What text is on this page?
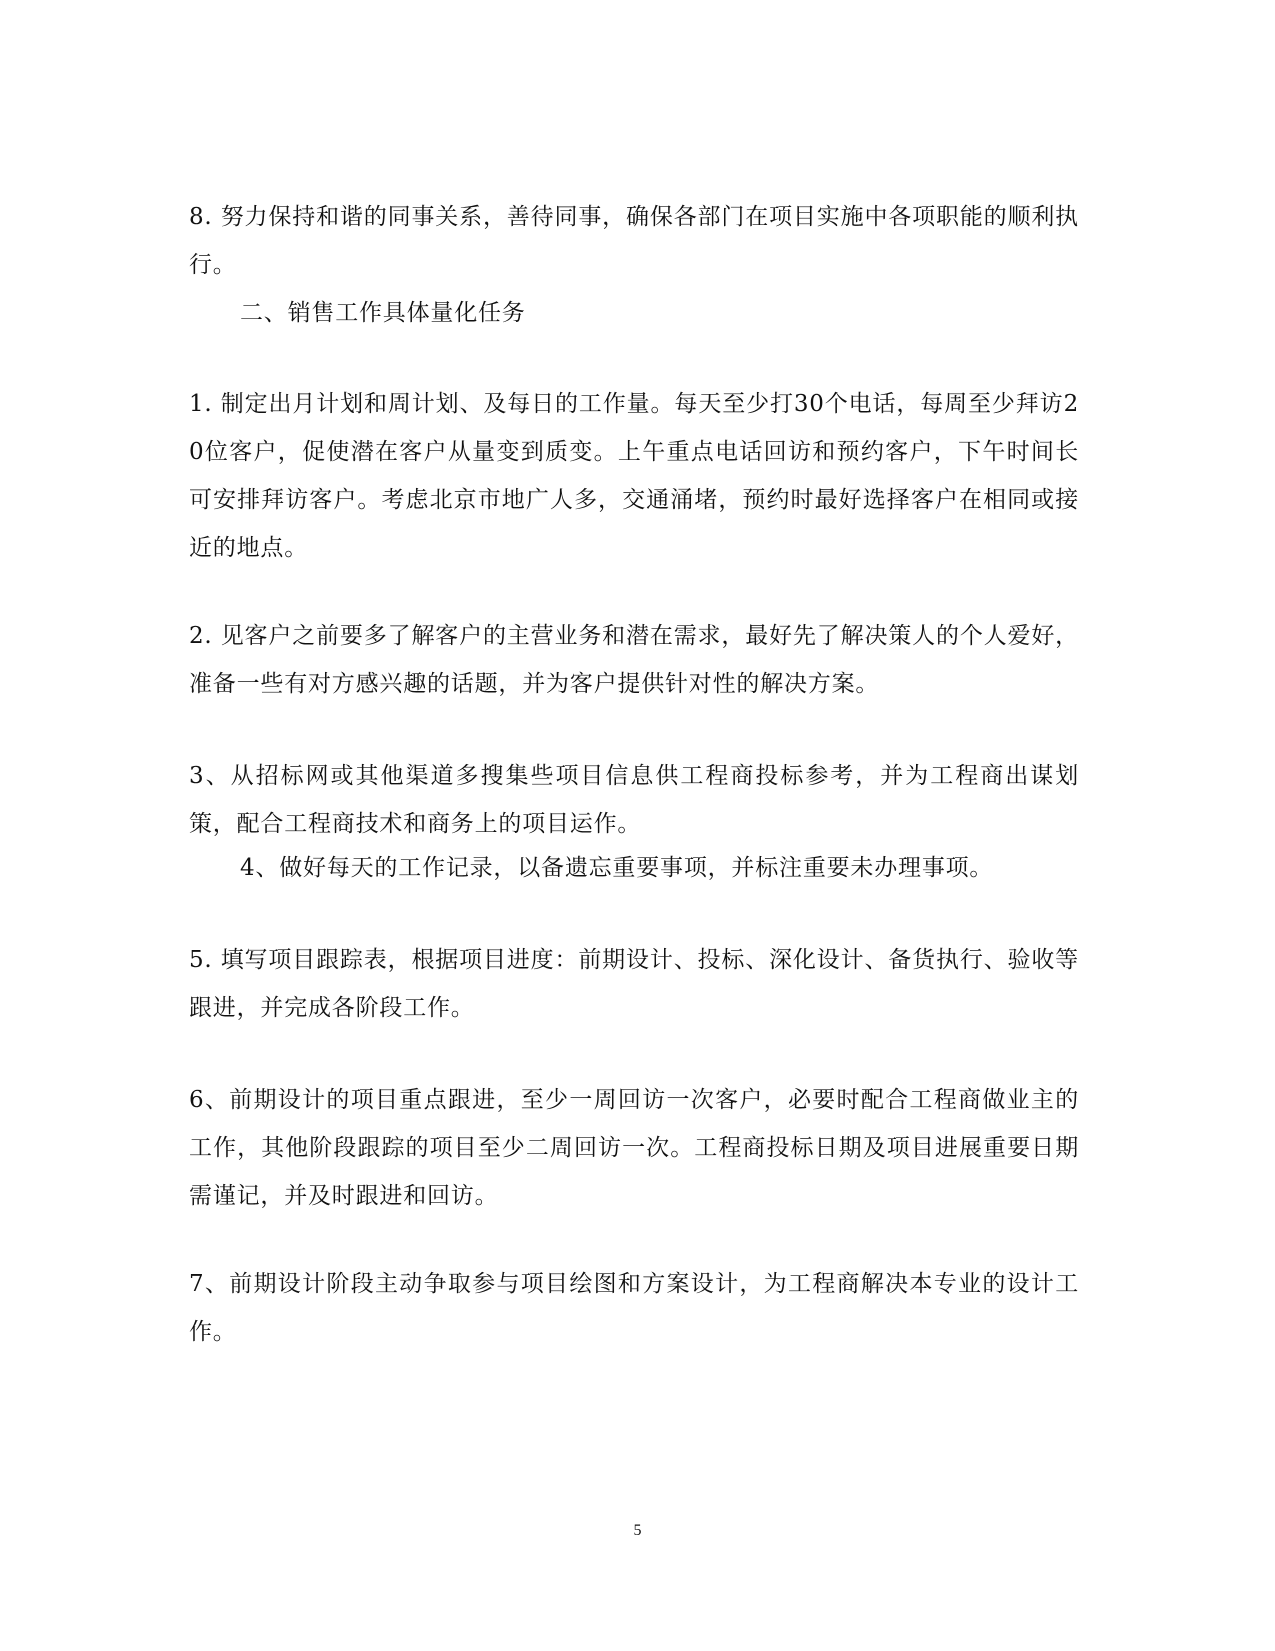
8. 努力保持和谐的同事关系，善待同事，确保各部门在项目实施中各项职能的顺利执行。

二、销售工作具体量化任务

1. 制定出月计划和周计划、及每日的工作量。每天至少打30个电话，每周至少拜访20位客户，促使潜在客户从量变到质变。上午重点电话回访和预约客户，下午时间长可安排拜访客户。考虑北京市地广人多，交通涌堵，预约时最好选择客户在相同或接近的地点。

2. 见客户之前要多了解客户的主营业务和潜在需求，最好先了解决策人的个人爱好，准备一些有对方感兴趣的话题，并为客户提供针对性的解决方案。

3、从招标网或其他渠道多搜集些项目信息供工程商投标参考，并为工程商出谋划策，配合工程商技术和商务上的项目运作。

4、做好每天的工作记录，以备遗忘重要事项，并标注重要未办理事项。

5. 填写项目跟踪表，根据项目进度：前期设计、投标、深化设计、备货执行、验收等跟进，并完成各阶段工作。

6、前期设计的项目重点跟进，至少一周回访一次客户，必要时配合工程商做业主的工作，其他阶段跟踪的项目至少二周回访一次。工程商投标日期及项目进展重要日期需谨记，并及时跟进和回访。

7、前期设计阶段主动争取参与项目绘图和方案设计，为工程商解决本专业的设计工作。

5
